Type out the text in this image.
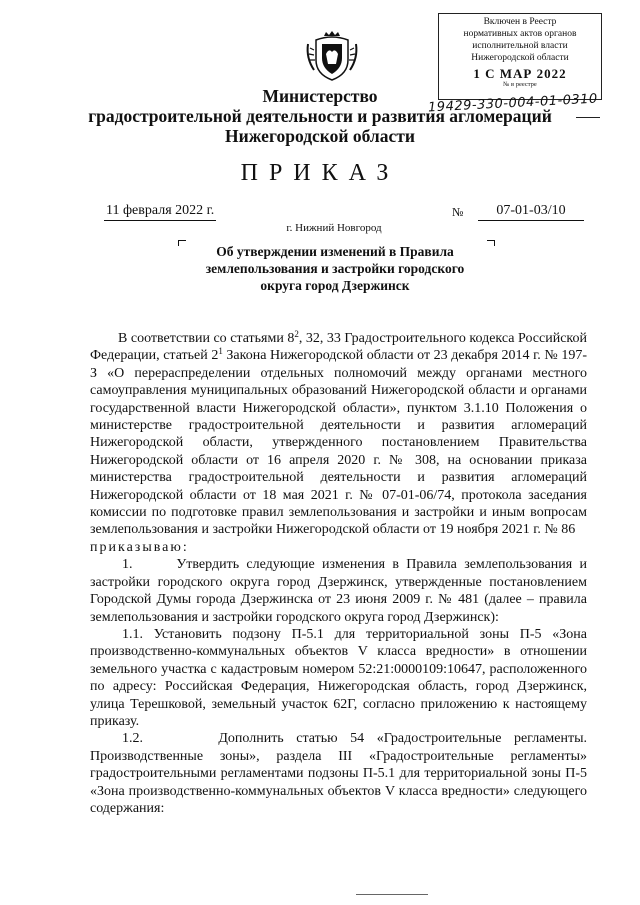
Включен в Реестр
нормативных актов органов
исполнительной власти
Нижегородской области
1 С МАР 2022
№ в реестре
19429-330-004-01-0310
Министерство
градостроительной деятельности и развития агломераций
Нижегородской области
ПРИКАЗ
11 февраля 2022 г.	№	07-01-03/10
г. Нижний Новгород
Об утверждении изменений в Правила
землепользования и застройки городского
округа город Дзержинск

В соответствии со статьями $8^2$, 32, 33 Градостроительного кодекса Российской Федерации, статьей $2^1$ Закона Нижегородской области от 23 декабря 2014 г. № 197-З «О перераспределении отдельных полномочий между органами местного самоуправления муниципальных образований Нижегородской области и органами государственной власти Нижегородской области», пунктом 3.1.10 Положения о министерстве градостроительной деятельности и развития агломераций Нижегородской области, утвержденного постановлением Правительства Нижегородской области от 16 апреля 2020 г. № 308, на основании приказа министерства градостроительной деятельности и развития агломераций Нижегородской области от 18 мая 2021 г. № 07-01-06/74, протокола заседания комиссии по подготовке правил землепользования и застройки и иным вопросам землепользования и застройки Нижегородской области от 19 ноября 2021 г. № 86

приказываю:

1.      Утвердить следующие изменения в Правила землепользования и застройки городского округа город Дзержинск, утвержденные постановлением Городской Думы города Дзержинска от 23 июня 2009 г. № 481 (далее – правила землепользования и застройки городского округа город Дзержинск):

1.1. Установить подзону П-5.1 для территориальной зоны П-5 «Зона производственно-коммунальных объектов V класса вредности» в отношении земельного участка с кадастровым номером 52:21:0000109:10647, расположенного по адресу: Российская Федерация, Нижегородская область, город Дзержинск, улица Терешковой, земельный участок 62Г, согласно приложению к настоящему приказу.

1.2.      Дополнить статью 54 «Градостроительные регламенты. Производственные зоны», раздела III «Градостроительные регламенты» градостроительными регламентами подзоны П-5.1 для территориальной зоны П-5 «Зона производственно-коммунальных объектов V класса вредности» следующего содержания:
